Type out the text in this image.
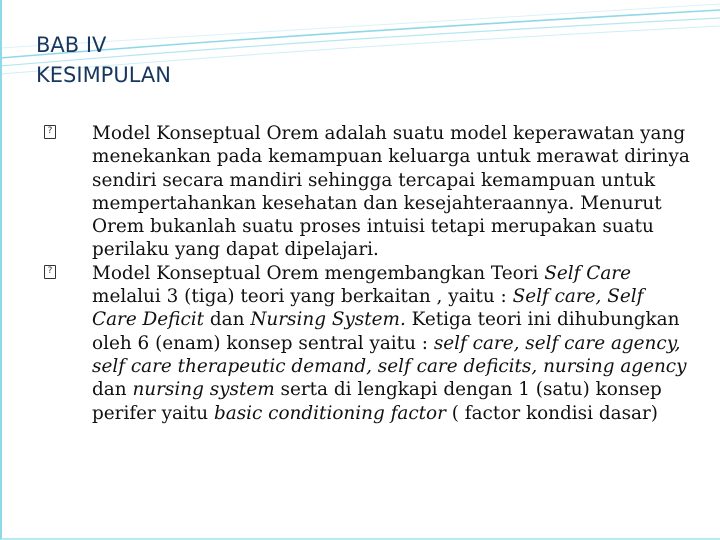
BAB IV
KESIMPULAN
?
Model Konseptual Orem adalah suatu model keperawatan yang menekankan pada kemampuan keluarga untuk merawat dirinya sendiri secara mandiri sehingga tercapai kemampuan untuk mempertahankan kesehatan dan kesejahteraannya. Menurut Orem bukanlah suatu proses intuisi tetapi merupakan suatu perilaku yang dapat dipelajari.
?
Model Konseptual Orem mengembangkan Teori Self Care melalui 3 (tiga) teori yang berkaitan , yaitu : Self care, Self Care Deficit dan Nursing System. Ketiga teori ini dihubungkan oleh 6 (enam) konsep sentral yaitu : self care, self care agency, self care therapeutic demand, self care deficits, nursing agency dan nursing system serta di lengkapi dengan 1 (satu) konsep perifer yaitu basic conditioning factor ( factor kondisi dasar)
